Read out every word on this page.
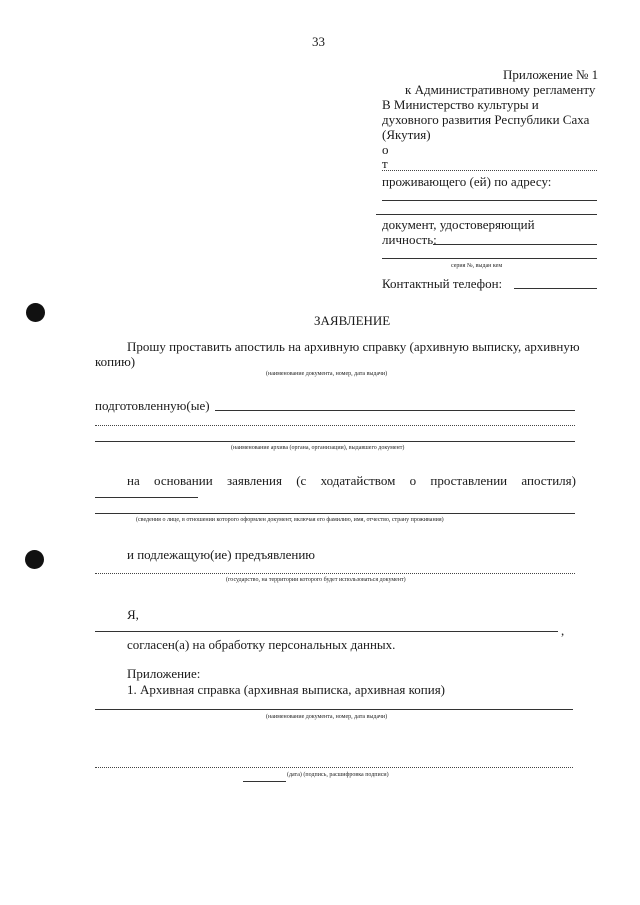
33
Приложение № 1
к Административному регламенту
В Министерство культуры и
духовного развития Республики Саха
(Якутия)
о
т
проживающего (ей) по адресу:
документ, удостоверяющий
личность:
серия №, выдан кем
Контактный телефон:
ЗАЯВЛЕНИЕ
Прошу проставить апостиль на архивную справку (архивную выписку, архивную
копию)
(наименование документа, номер, дата выдачи)
подготовленную(ые)
(наименование архива (органа, организации), выдавшего документ)
на основании заявления (с ходатайством о проставлении апостиля)
(сведения о лице, в отношении которого оформлен документ, включая его фамилию, имя, отчество, страну проживания)
и подлежащую(ие) предъявлению
(государство, на территории которого будет использоваться документ)
Я,
,
согласен(а) на обработку персональных данных.
Приложение:
1. Архивная справка (архивная выписка, архивная копия)
(наименование документа, номер, дата выдачи)
(дата) (подпись, расшифровка подписи)
